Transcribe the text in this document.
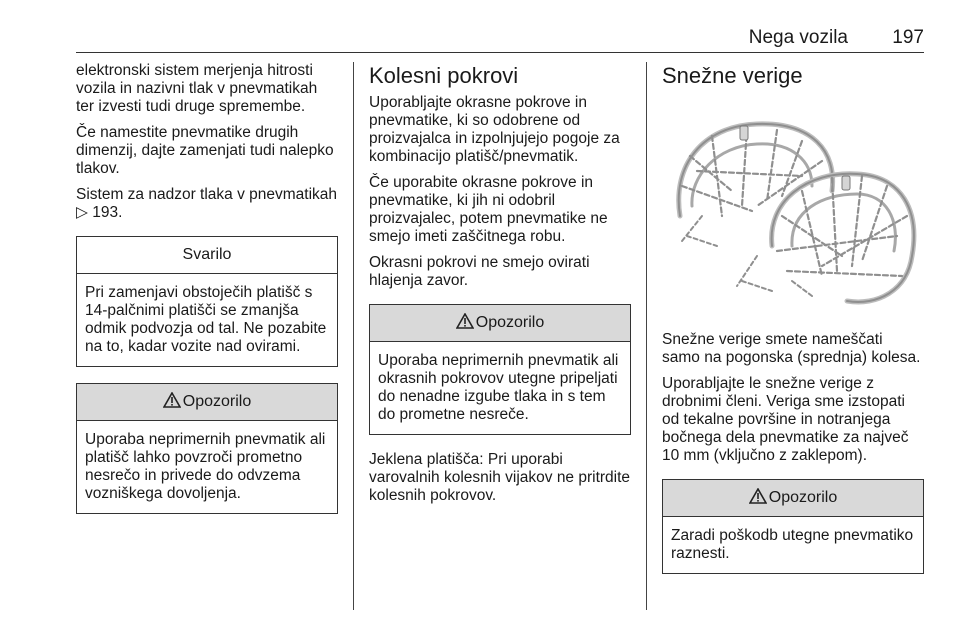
Nega vozila 197

elektronski sistem merjenja hitrosti vozila in nazivni tlak v pnevmatikah ter izvesti tudi druge spremembe.

Če namestite pnevmatike drugih dimenzij, dajte zamenjati tudi nalepko tlakov.

Sistem za nadzor tlaka v pnevmatikah ▷ 193.

Svarilo
Pri zamenjavi obstoječih platišč s 14-palčnimi platišči se zmanjša odmik podvozja od tal. Ne pozabite na to, kadar vozite nad ovirami.
Opozorilo
Uporaba neprimernih pnevmatik ali platišč lahko povzroči prometno nesrečo in privede do odvzema vozniškega dovoljenja.
Kolesni pokrovi

Uporabljajte okrasne pokrove in pnevmatike, ki so odobrene od proizvajalca in izpolnjujejo pogoje za kombinacijo platišč/pnevmatik.

Če uporabite okrasne pokrove in pnevmatike, ki jih ni odobril proizvajalec, potem pnevmatike ne smejo imeti zaščitnega robu.

Okrasni pokrovi ne smejo ovirati hlajenja zavor.

Opozorilo
Uporaba neprimernih pnevmatik ali okrasnih pokrovov utegne pripeljati do nenadne izgube tlaka in s tem do prometne nesreče.

Jeklena platišča: Pri uporabi varovalnih kolesnih vijakov ne pritrdite kolesnih pokrovov.

Snežne verige

Snežne verige smete nameščati samo na pogonska (sprednja) kolesa.

Uporabljajte le snežne verige z drobnimi členi. Veriga sme izstopati od tekalne površine in notranjega bočnega dela pnevmatike za največ 10 mm (vključno z zaklepom).

Opozorilo
Zaradi poškodb utegne pnevmatiko raznesti.
